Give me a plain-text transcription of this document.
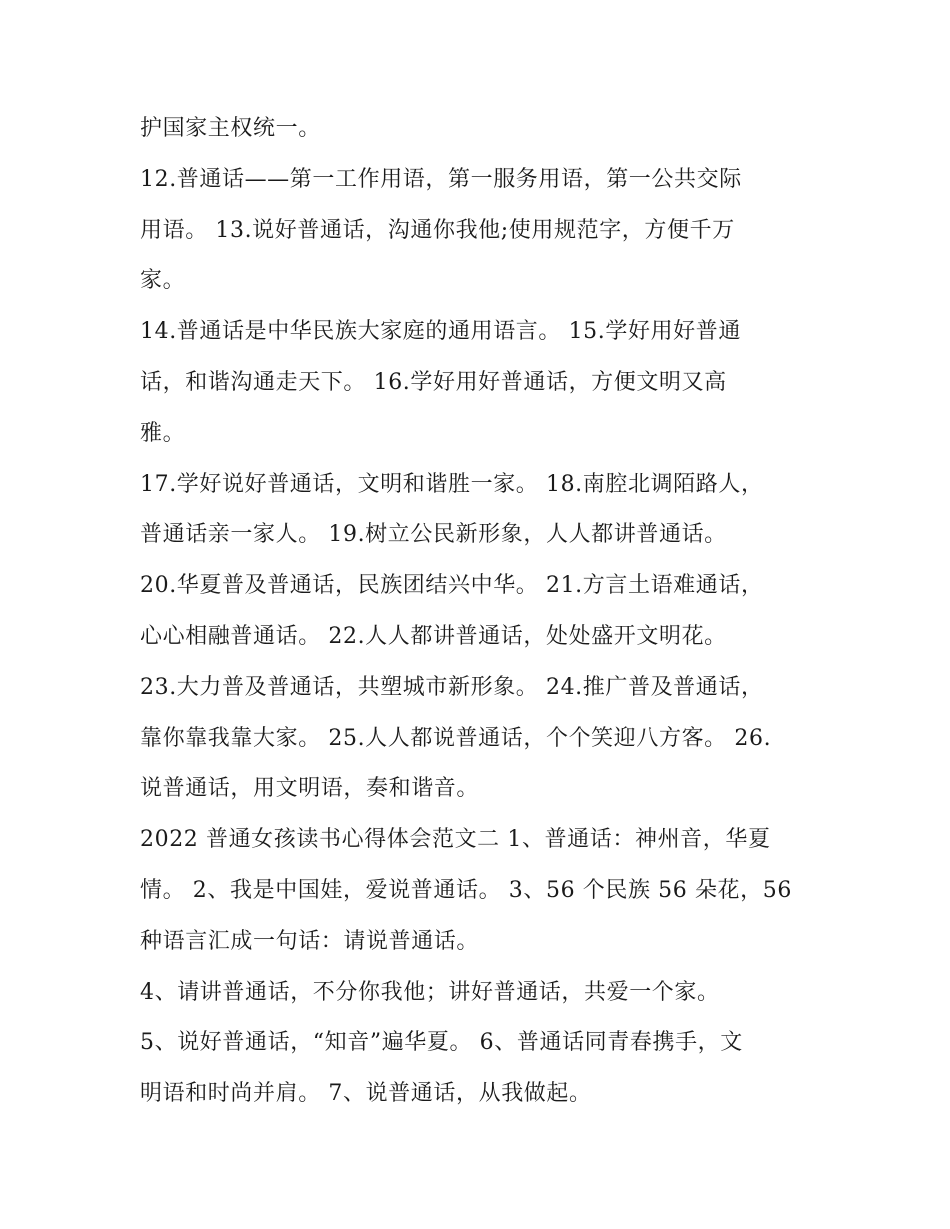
护国家主权统一。
12.普通话——第一工作用语，第一服务用语，第一公共交际
用语。 13.说好普通话，沟通你我他;使用规范字，方便千万
家。
14.普通话是中华民族大家庭的通用语言。 15.学好用好普通
话，和谐沟通走天下。 16.学好用好普通话，方便文明又高
雅。
17.学好说好普通话，文明和谐胜一家。 18.南腔北调陌路人，
普通话亲一家人。 19.树立公民新形象，人人都讲普通话。
20.华夏普及普通话，民族团结兴中华。 21.方言土语难通话，
心心相融普通话。 22.人人都讲普通话，处处盛开文明花。
23.大力普及普通话，共塑城市新形象。 24.推广普及普通话，
靠你靠我靠大家。 25.人人都说普通话，个个笑迎八方客。 26.
说普通话，用文明语，奏和谐音。
2022 普通女孩读书心得体会范文二 1、普通话：神州音，华夏
情。 2、我是中国娃，爱说普通话。 3、56 个民族 56 朵花，56
种语言汇成一句话：请说普通话。
4、请讲普通话，不分你我他；讲好普通话，共爱一个家。
5、说好普通话，“知音”遍华夏。 6、普通话同青春携手，文
明语和时尚并肩。 7、说普通话，从我做起。
